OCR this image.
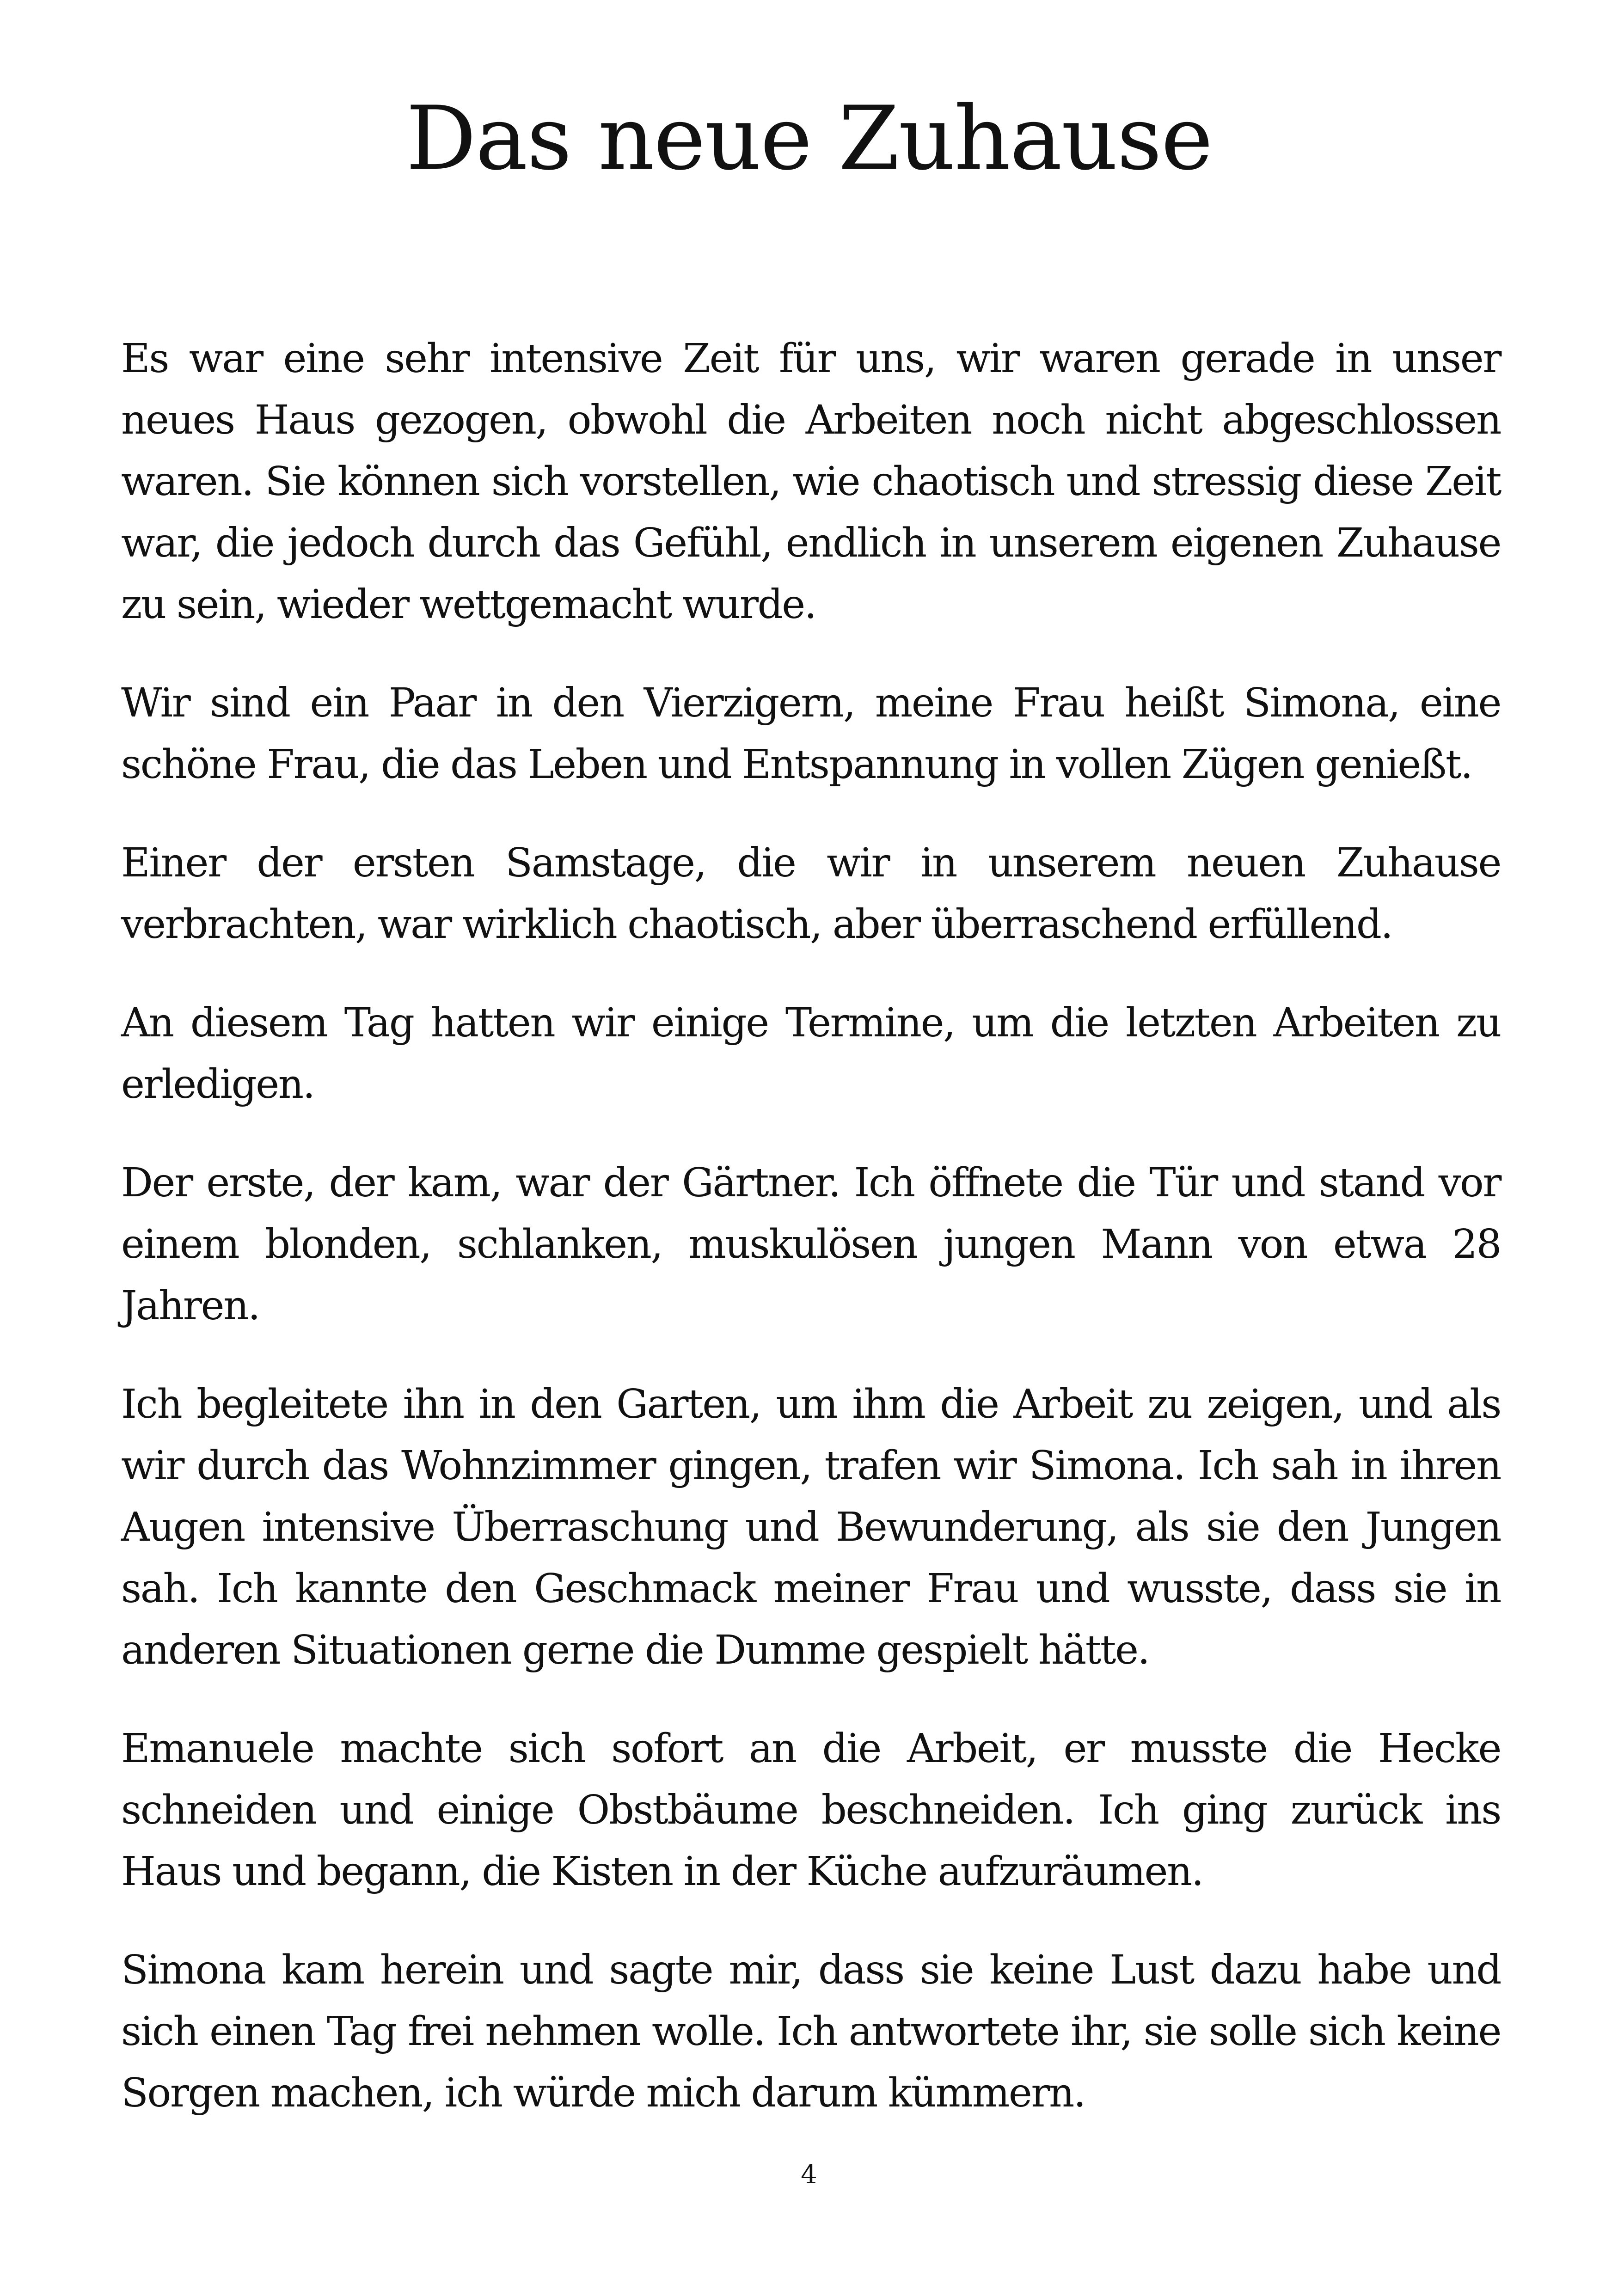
Das neue Zuhause

Es war eine sehr intensive Zeit für uns, wir waren gerade in unser neues Haus gezogen, obwohl die Arbeiten noch nicht abgeschlossen waren. Sie können sich vorstellen, wie chaotisch und stressig diese Zeit war, die jedoch durch das Gefühl, endlich in unserem eigenen Zuhause zu sein, wieder wettgemacht wurde.

Wir sind ein Paar in den Vierzigern, meine Frau heißt Simona, eine schöne Frau, die das Leben und Entspannung in vollen Zügen genießt.

Einer der ersten Samstage, die wir in unserem neuen Zuhause verbrachten, war wirklich chaotisch, aber überraschend erfüllend.

An diesem Tag hatten wir einige Termine, um die letzten Arbeiten zu erledigen.

Der erste, der kam, war der Gärtner. Ich öffnete die Tür und stand vor einem blonden, schlanken, muskulösen jungen Mann von etwa 28 Jahren.

Ich begleitete ihn in den Garten, um ihm die Arbeit zu zeigen, und als wir durch das Wohnzimmer gingen, trafen wir Simona. Ich sah in ihren Augen intensive Überraschung und Bewunderung, als sie den Jungen sah. Ich kannte den Geschmack meiner Frau und wusste, dass sie in anderen Situationen gerne die Dumme gespielt hätte.

Emanuele machte sich sofort an die Arbeit, er musste die Hecke schneiden und einige Obstbäume beschneiden. Ich ging zurück ins Haus und begann, die Kisten in der Küche aufzuräumen.

Simona kam herein und sagte mir, dass sie keine Lust dazu habe und sich einen Tag frei nehmen wolle. Ich antwortete ihr, sie solle sich keine Sorgen machen, ich würde mich darum kümmern.

4
